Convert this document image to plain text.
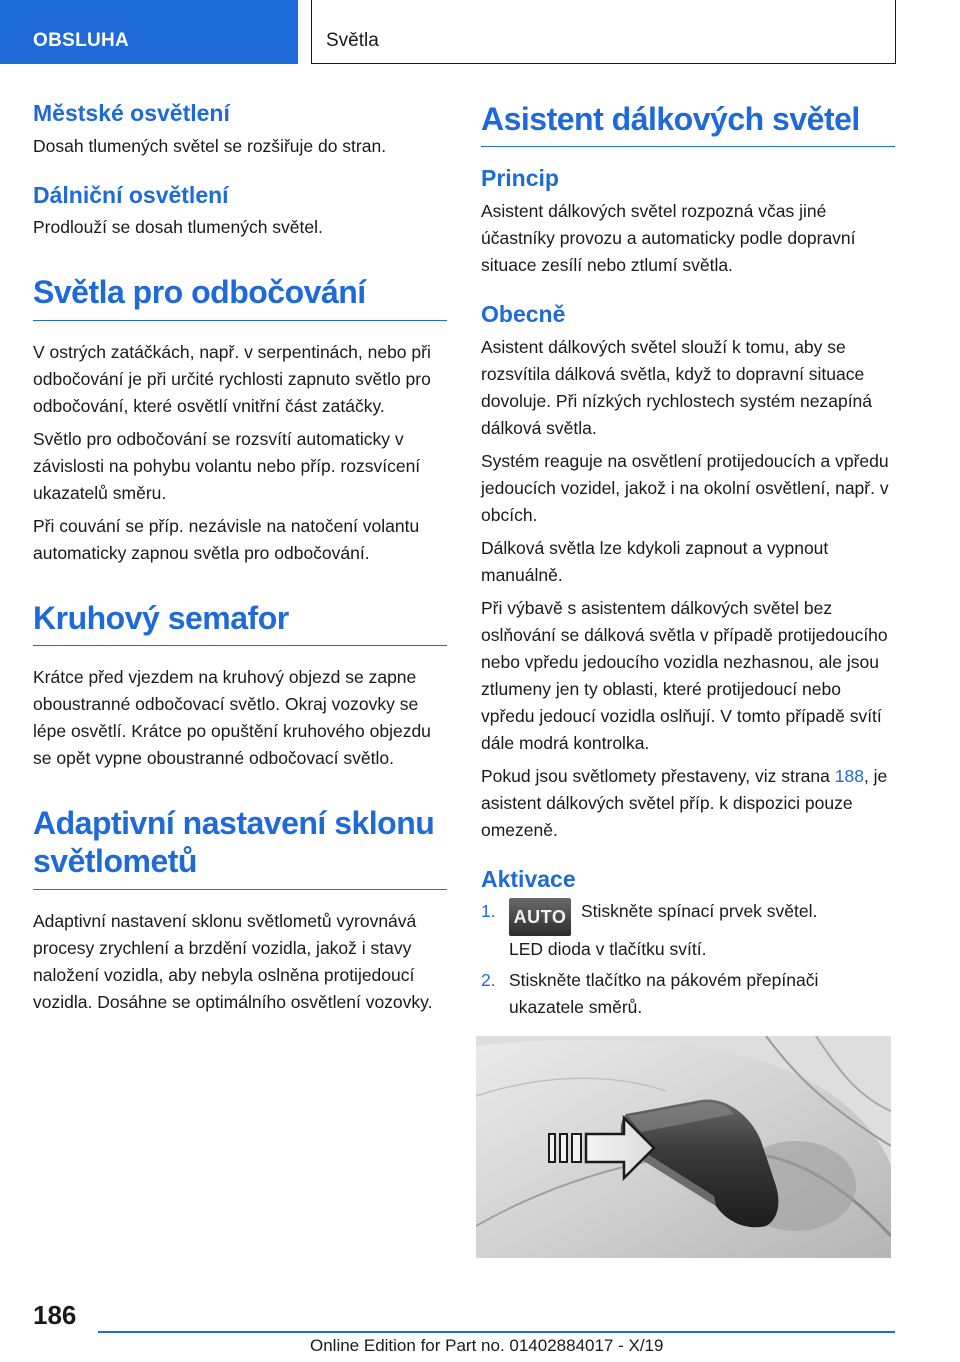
OBSLUHA	Světla
Městské osvětlení

Dosah tlumených světel se rozšiřuje do stran.

Dálniční osvětlení

Prodlouží se dosah tlumených světel.

Světla pro odbočování

V ostrých zatáčkách, např. v serpentinách, nebo při odbočování je při určité rychlosti zapnuto světlo pro odbočování, které osvětlí vnitřní část zatáčky.

Světlo pro odbočování se rozsvítí automaticky v závislosti na pohybu volantu nebo příp. rozsvícení ukazatelů směru.

Při couvání se příp. nezávisle na natočení volantu automaticky zapnou světla pro odbočování.

Kruhový semafor

Krátce před vjezdem na kruhový objezd se zapne oboustranné odbočovací světlo. Okraj vozovky se lépe osvětlí. Krátce po opuštění kruhového objezdu se opět vypne oboustranné odbočovací světlo.

Adaptivní nastavení sklonu světlometů

Adaptivní nastavení sklonu světlometů vyrovnává procesy zrychlení a brzdění vozidla, jakož i stavy naložení vozidla, aby nebyla oslněna protijedoucí vozidla. Dosáhne se optimálního osvětlení vozovky.

Asistent dálkových světel
Princip

Asistent dálkových světel rozpozná včas jiné účastníky provozu a automaticky podle dopravní situace zesílí nebo ztlumí světla.

Obecně

Asistent dálkových světel slouží k tomu, aby se rozsvítila dálková světla, když to dopravní situace dovoluje. Při nízkých rychlostech systém nezapíná dálková světla.

Systém reaguje na osvětlení protijedoucích a vpředu jedoucích vozidel, jakož i na okolní osvětlení, např. v obcích.

Dálková světla lze kdykoli zapnout a vypnout manuálně.

Při výbavě s asistentem dálkových světel bez oslňování se dálková světla v případě protijedoucího nebo vpředu jedoucího vozidla nezhasnou, ale jsou ztlumeny jen ty oblasti, které protijedoucí nebo vpředu jedoucí vozidla oslňují. V tomto případě svítí dále modrá kontrolka.

Pokud jsou světlomety přestaveny, viz strana 188, je asistent dálkových světel příp. k dispozici pouze omezeně.

Aktivace
1. AUTO Stiskněte spínací prvek světel.
LED dioda v tlačítku svítí.
2. Stiskněte tlačítko na pákovém přepínači ukazatele směrů.
186
Online Edition for Part no. 01402884017 - X/19
